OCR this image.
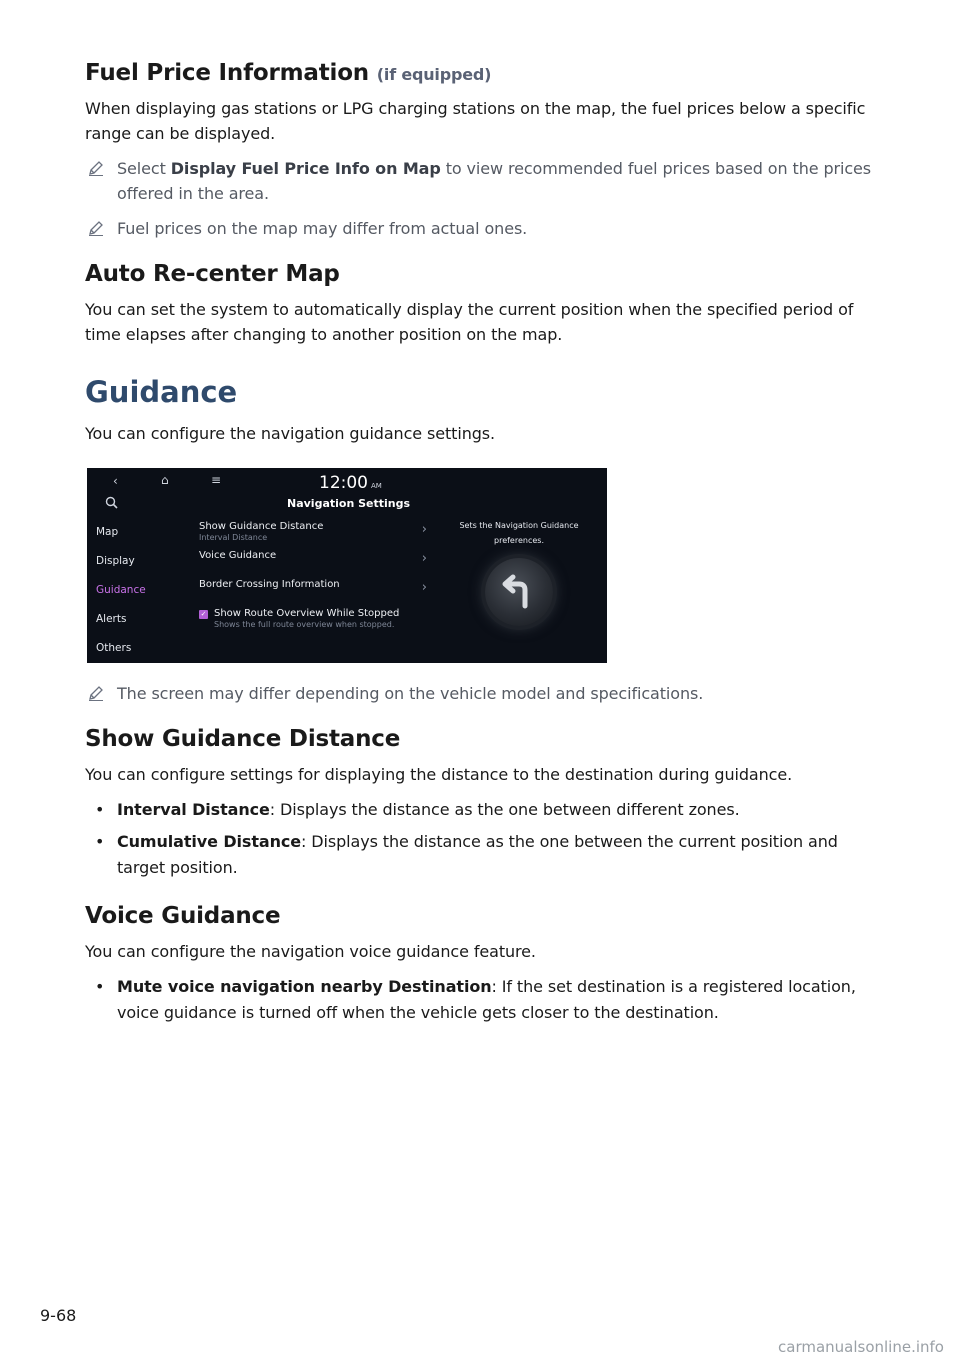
Fuel Price Information (if equipped)

When displaying gas stations or LPG charging stations on the map, the fuel prices below a specific range can be displayed.

Select Display Fuel Price Info on Map to view recommended fuel prices based on the prices offered in the area.
Fuel prices on the map may differ from actual ones.
Auto Re-center Map

You can set the system to automatically display the current position when the specified period of time elapses after changing to another position on the map.

Guidance

You can configure the navigation guidance settings.

‹	⌂	≡	12:00 AM
Navigation Settings
Map
Display
Guidance
Alerts
Others
Show Guidance Distance
Interval Distance
›
Voice Guidance	›
Border Crossing Information	›
✓ Show Route Overview While Stopped
Shows the full route overview when stopped.
Sets the Navigation Guidance
preferences.
The screen may differ depending on the vehicle model and specifications.
Show Guidance Distance

You can configure settings for displaying the distance to the destination during guidance.

• Interval Distance: Displays the distance as the one between different zones.
• Cumulative Distance: Displays the distance as the one between the current position and target position.
Voice Guidance

You can configure the navigation voice guidance feature.

• Mute voice navigation nearby Destination: If the set destination is a registered location, voice guidance is turned off when the vehicle gets closer to the destination.
9-68
carmanualsonline.info
